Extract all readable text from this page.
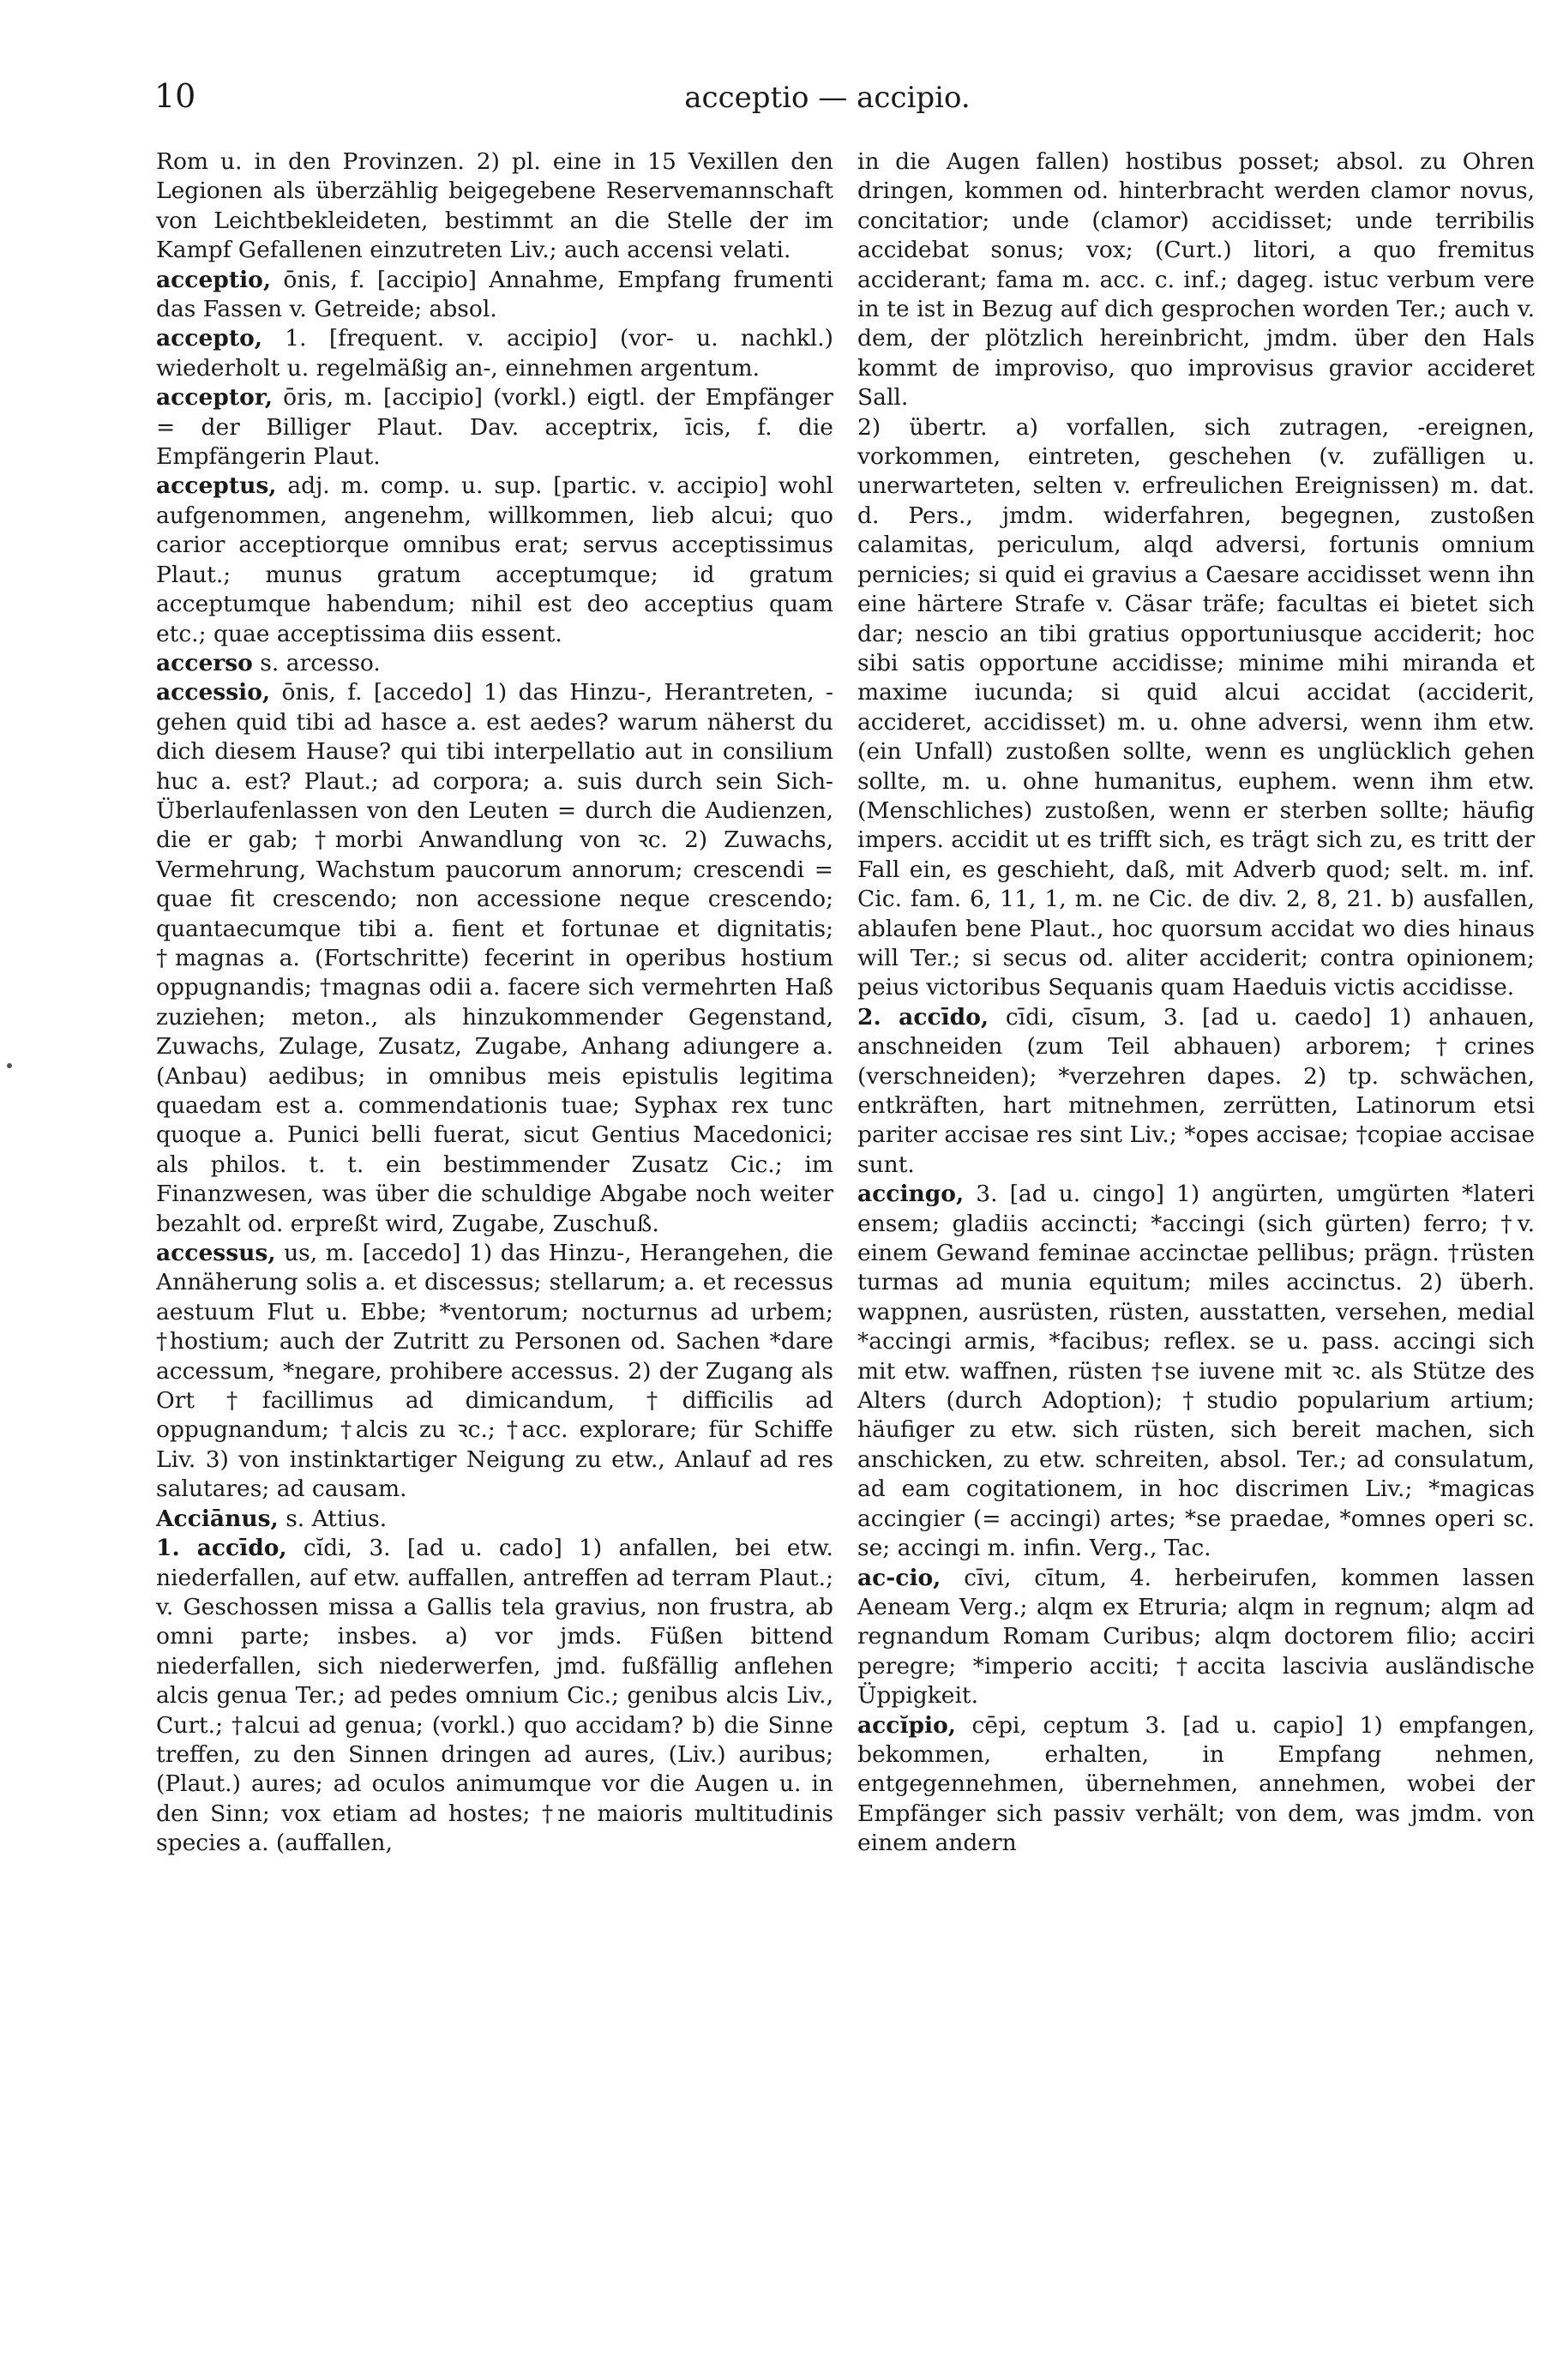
10	acceptio — accipio.

Rom u. in den Provinzen. 2) pl. eine in 15 Vexillen den Legionen als überzählig beigegebene Reservemannschaft von Leichtbekleideten, bestimmt an die Stelle der im Kampf Gefallenen einzutreten Liv.; auch accensi velati.

acceptio, ōnis, f. [accipio] Annahme, Empfang frumenti das Fassen v. Getreide; absol.

accepto, 1. [frequent. v. accipio] (vor- u. nachkl.) wiederholt u. regelmäßig an-, einnehmen argentum.

acceptor, ōris, m. [accipio] (vorkl.) eigtl. der Empfänger = der Billiger Plaut. Dav. acceptrix, īcis, f. die Empfängerin Plaut.

acceptus, adj. m. comp. u. sup. [partic. v. accipio] wohl aufgenommen, angenehm, willkommen, lieb alcui; quo carior acceptiorque omnibus erat; servus acceptissimus Plaut.; munus gratum acceptumque; id gratum acceptumque habendum; nihil est deo acceptius quam etc.; quae acceptissima diis essent.

accerso s. arcesso.

accessio, ōnis, f. [accedo] 1) das Hinzu-, Herantreten, -gehen quid tibi ad hasce a. est aedes? warum näherst du dich diesem Hause? qui tibi interpellatio aut in consilium huc a. est? Plaut.; ad corpora; a. suis durch sein Sich-Überlaufenlassen von den Leuten = durch die Audienzen, die er gab; †morbi Anwandlung von ꝛc. 2) Zuwachs, Vermehrung, Wachstum paucorum annorum; crescendi = quae fit crescendo; non accessione neque crescendo; quantaecumque tibi a. fient et fortunae et dignitatis; †magnas a. (Fortschritte) fecerint in operibus hostium oppugnandis; †magnas odii a. facere sich vermehrten Haß zuziehen; meton., als hinzukommender Gegenstand, Zuwachs, Zulage, Zusatz, Zugabe, Anhang adiungere a. (Anbau) aedibus; in omnibus meis epistulis legitima quaedam est a. commendationis tuae; Syphax rex tunc quoque a. Punici belli fuerat, sicut Gentius Macedonici; als philos. t. t. ein bestimmender Zusatz Cic.; im Finanzwesen, was über die schuldige Abgabe noch weiter bezahlt od. erpreßt wird, Zugabe, Zuschuß.

accessus, us, m. [accedo] 1) das Hinzu-, Herangehen, die Annäherung solis a. et discessus; stellarum; a. et recessus aestuum Flut u. Ebbe; *ventorum; nocturnus ad urbem; †hostium; auch der Zutritt zu Personen od. Sachen *dare accessum, *negare, prohibere accessus. 2) der Zugang als Ort †facillimus ad dimicandum, †difficilis ad oppugnandum; †alcis zu ꝛc.; †acc. explorare; für Schiffe Liv. 3) von instinktartiger Neigung zu etw., Anlauf ad res salutares; ad causam.

Acciānus, s. Attius.

1. accīdo, cĭdi, 3. [ad u. cado] 1) anfallen, bei etw. niederfallen, auf etw. auffallen, antreffen ad terram Plaut.; v. Geschossen missa a Gallis tela gravius, non frustra, ab omni parte; insbes. a) vor jmds. Füßen bittend niederfallen, sich niederwerfen, jmd. fußfällig anflehen alcis genua Ter.; ad pedes omnium Cic.; genibus alcis Liv., Curt.; †alcui ad genua; (vorkl.) quo accidam? b) die Sinne treffen, zu den Sinnen dringen ad aures, (Liv.) auribus; (Plaut.) aures; ad oculos animumque vor die Augen u. in den Sinn; vox etiam ad hostes; †ne maioris multitudinis species a. (auffallen,

in die Augen fallen) hostibus posset; absol. zu Ohren dringen, kommen od. hinterbracht werden clamor novus, concitatior; unde (clamor) accidisset; unde terribilis accidebat sonus; vox; (Curt.) litori, a quo fremitus acciderant; fama m. acc. c. inf.; dageg. istuc verbum vere in te ist in Bezug auf dich gesprochen worden Ter.; auch v. dem, der plötzlich hereinbricht, jmdm. über den Hals kommt de improviso, quo improvisus gravior accideret Sall.

2) übertr. a) vorfallen, sich zutragen, -ereignen, vorkommen, eintreten, geschehen (v. zufälligen u. unerwarteten, selten v. erfreulichen Ereignissen) m. dat. d. Pers., jmdm. widerfahren, begegnen, zustoßen calamitas, periculum, alqd adversi, fortunis omnium pernicies; si quid ei gravius a Caesare accidisset wenn ihn eine härtere Strafe v. Cäsar träfe; facultas ei bietet sich dar; nescio an tibi gratius opportuniusque acciderit; hoc sibi satis opportune accidisse; minime mihi miranda et maxime iucunda; si quid alcui accidat (acciderit, accideret, accidisset) m. u. ohne adversi, wenn ihm etw. (ein Unfall) zustoßen sollte, wenn es unglücklich gehen sollte, m. u. ohne humanitus, euphem. wenn ihm etw. (Menschliches) zustoßen, wenn er sterben sollte; häufig impers. accidit ut es trifft sich, es trägt sich zu, es tritt der Fall ein, es geschieht, daß, mit Adverb quod; selt. m. inf. Cic. fam. 6, 11, 1, m. ne Cic. de div. 2, 8, 21. b) ausfallen, ablaufen bene Plaut., hoc quorsum accidat wo dies hinaus will Ter.; si secus od. aliter acciderit; contra opinionem; peius victoribus Sequanis quam Haeduis victis accidisse.

2. accīdo, cīdi, cīsum, 3. [ad u. caedo] 1) anhauen, anschneiden (zum Teil abhauen) arborem; †crines (verschneiden); *verzehren dapes. 2) tp. schwächen, entkräften, hart mitnehmen, zerrütten, Latinorum etsi pariter accisae res sint Liv.; *opes accisae; †copiae accisae sunt.

accingo, 3. [ad u. cingo] 1) angürten, umgürten *lateri ensem; gladiis accincti; *accingi (sich gürten) ferro; †v. einem Gewand feminae accinctae pellibus; prägn. †rüsten turmas ad munia equitum; miles accinctus. 2) überh. wappnen, ausrüsten, rüsten, ausstatten, versehen, medial *accingi armis, *facibus; reflex. se u. pass. accingi sich mit etw. waffnen, rüsten †se iuvene mit ꝛc. als Stütze des Alters (durch Adoption); †studio popularium artium; häufiger zu etw. sich rüsten, sich bereit machen, sich anschicken, zu etw. schreiten, absol. Ter.; ad consulatum, ad eam cogitationem, in hoc discrimen Liv.; *magicas accingier (= accingi) artes; *se praedae, *omnes operi sc. se; accingi m. infin. Verg., Tac.

ac-cio, cīvi, cītum, 4. herbeirufen, kommen lassen Aeneam Verg.; alqm ex Etruria; alqm in regnum; alqm ad regnandum Romam Curibus; alqm doctorem filio; acciri peregre; *imperio acciti; †accita lascivia ausländische Üppigkeit.

accĭpio, cēpi, ceptum 3. [ad u. capio] 1) empfangen, bekommen, erhalten, in Empfang nehmen, entgegennehmen, übernehmen, annehmen, wobei der Empfänger sich passiv verhält; von dem, was jmdm. von einem andern
